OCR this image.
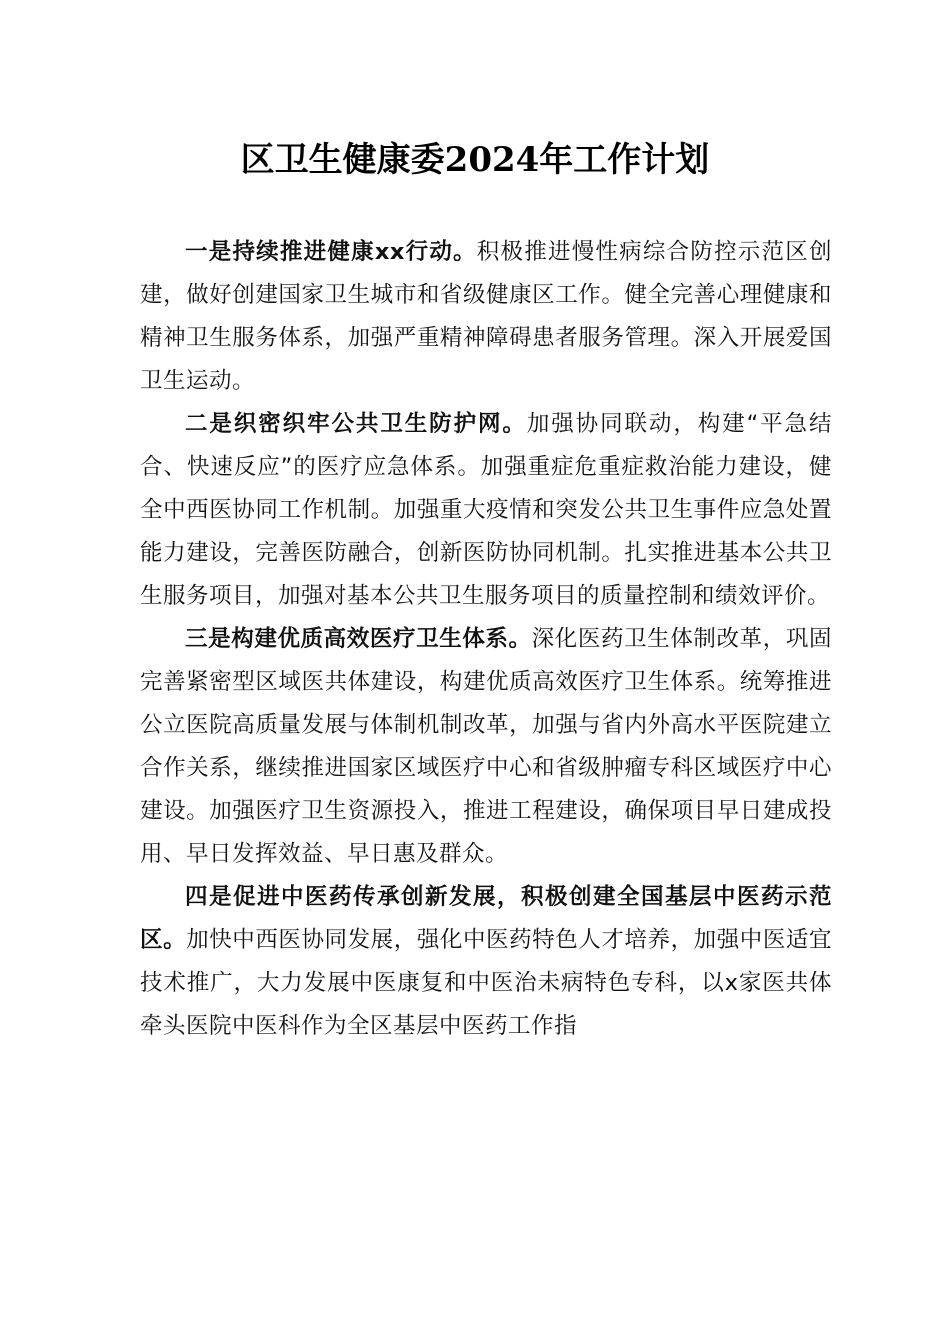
区卫生健康委2024年工作计划

一是持续推进健康xx行动。积极推进慢性病综合防控示范区创建，做好创建国家卫生城市和省级健康区工作。健全完善心理健康和精神卫生服务体系，加强严重精神障碍患者服务管理。深入开展爱国卫生运动。

二是织密织牢公共卫生防护网。加强协同联动，构建“平急结合、快速反应”的医疗应急体系。加强重症危重症救治能力建设，健全中西医协同工作机制。加强重大疫情和突发公共卫生事件应急处置能力建设，完善医防融合，创新医防协同机制。扎实推进基本公共卫生服务项目，加强对基本公共卫生服务项目的质量控制和绩效评价。

三是构建优质高效医疗卫生体系。深化医药卫生体制改革，巩固完善紧密型区域医共体建设，构建优质高效医疗卫生体系。统筹推进公立医院高质量发展与体制机制改革，加强与省内外高水平医院建立合作关系，继续推进国家区域医疗中心和省级肿瘤专科区域医疗中心建设。加强医疗卫生资源投入，推进工程建设，确保项目早日建成投用、早日发挥效益、早日惠及群众。

四是促进中医药传承创新发展，积极创建全国基层中医药示范区。加快中西医协同发展，强化中医药特色人才培养，加强中医适宜技术推广，大力发展中医康复和中医治未病特色专科，以x家医共体牵头医院中医科作为全区基层中医药工作指
